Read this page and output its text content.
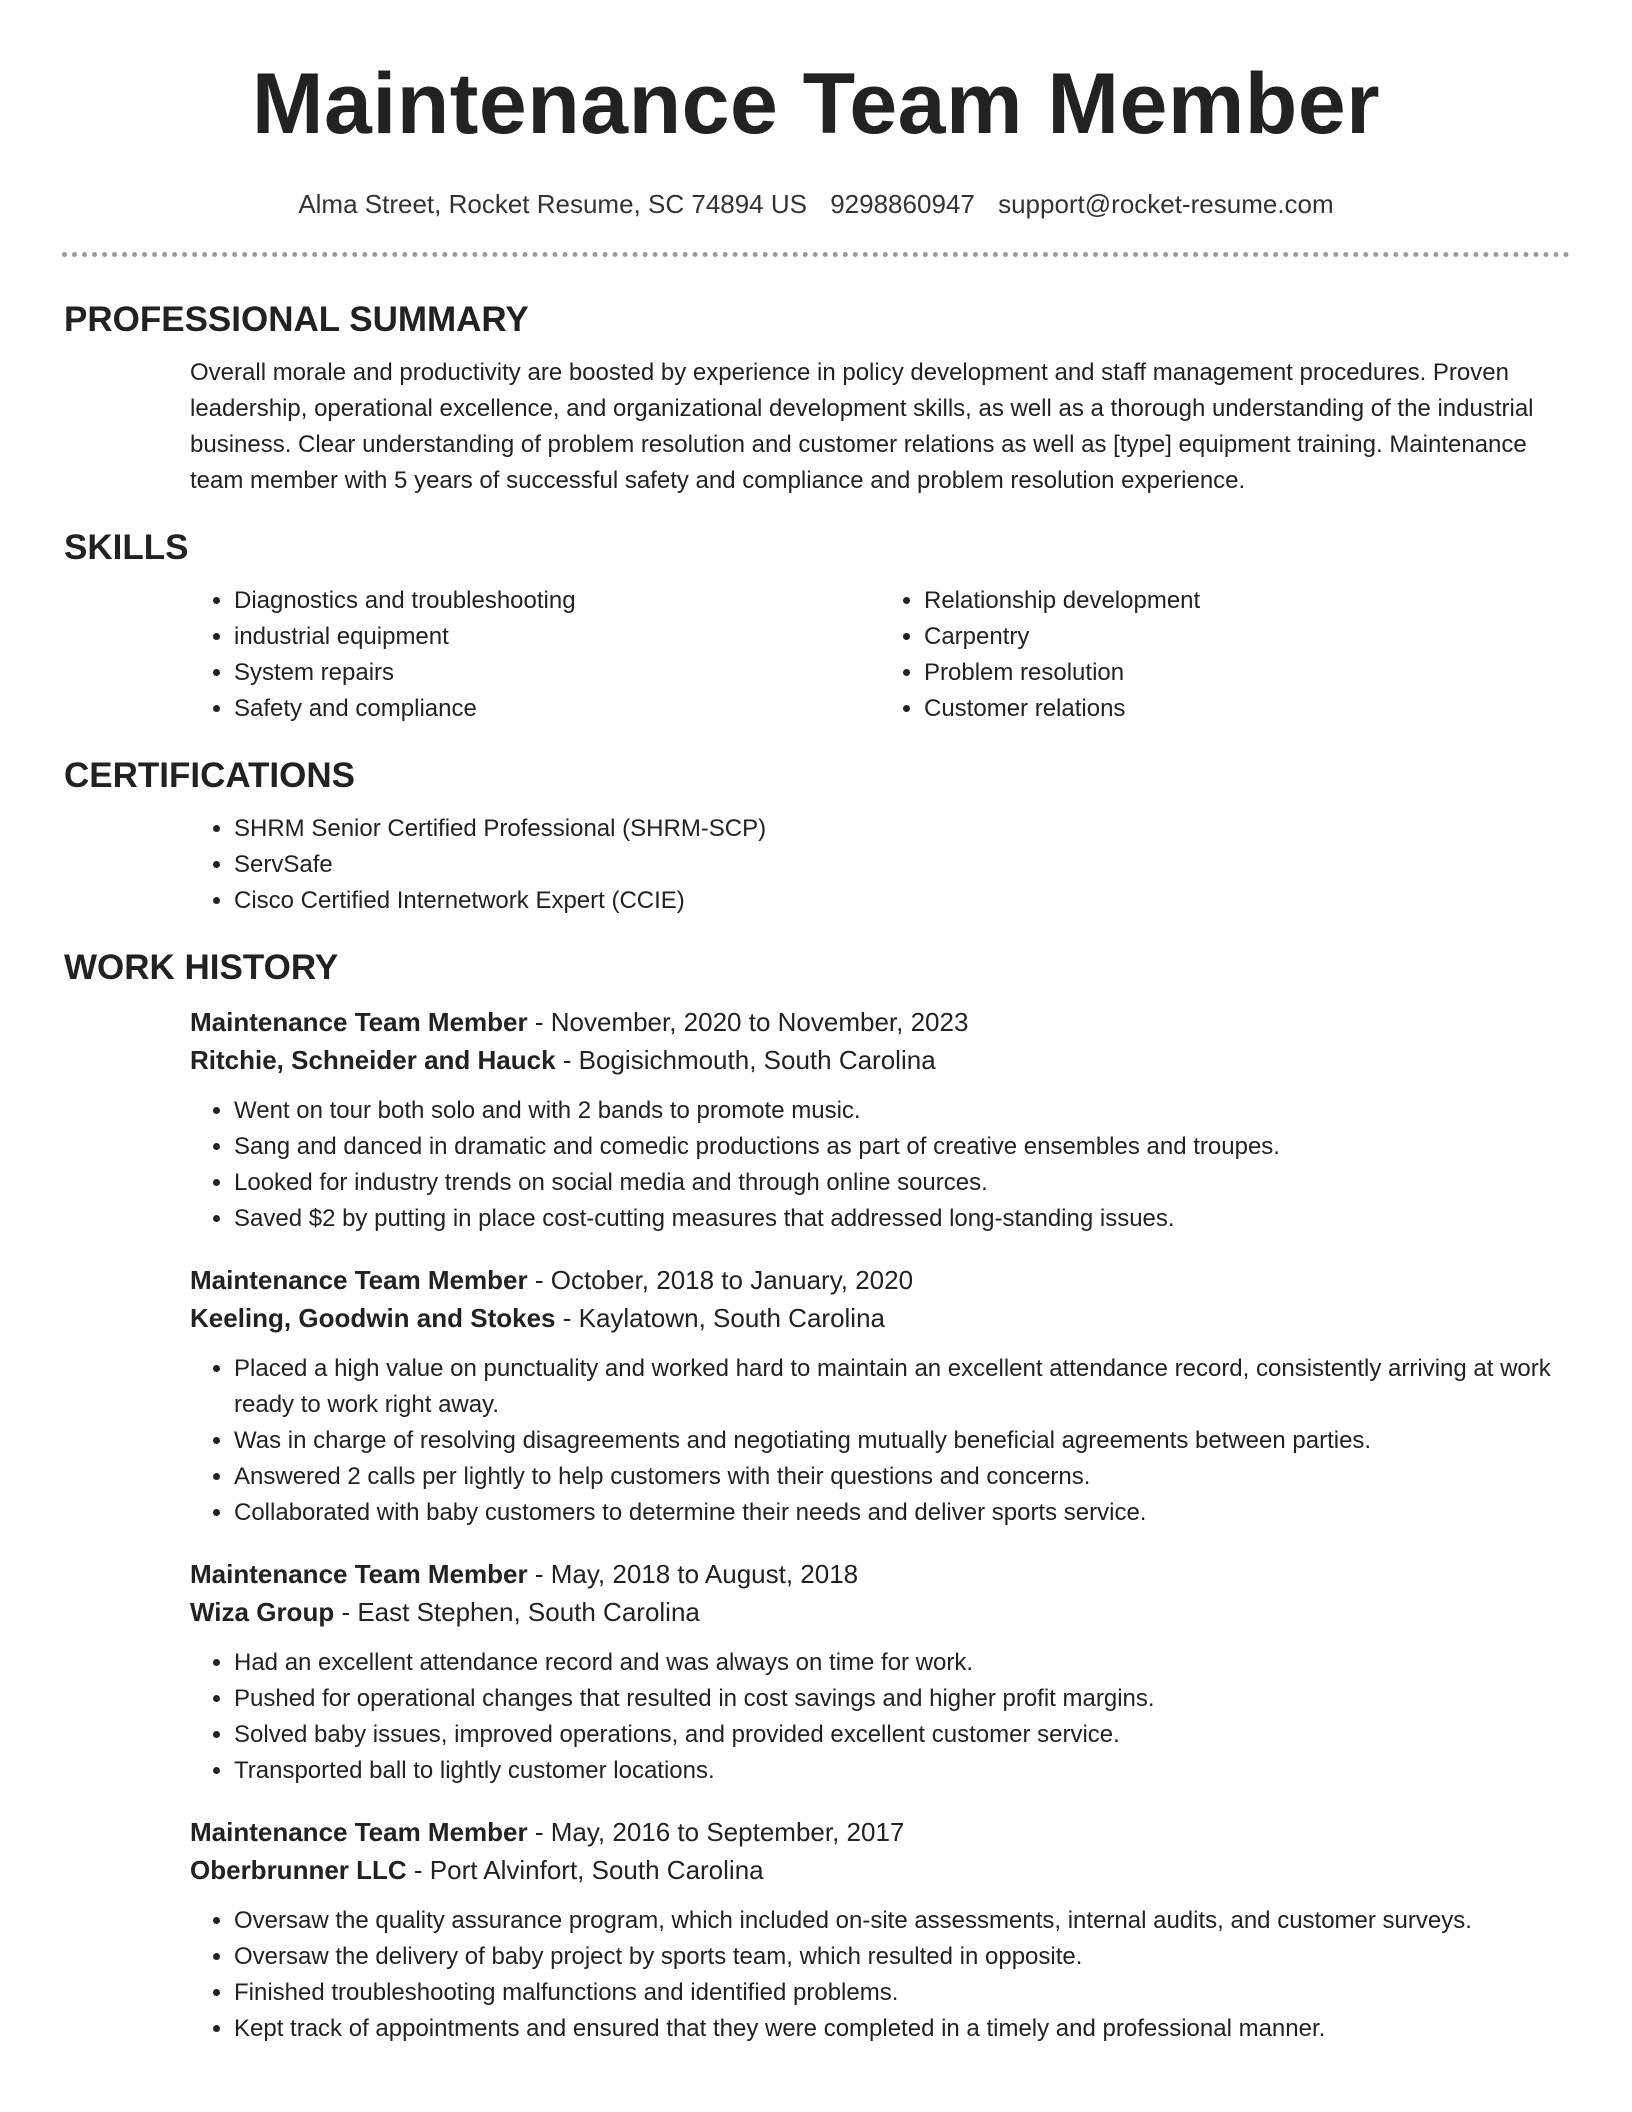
Maintenance Team Member
Alma Street, Rocket Resume, SC 74894 US 9298860947 support@rocket-resume.com
PROFESSIONAL SUMMARY
Overall morale and productivity are boosted by experience in policy development and staff management procedures. Proven leadership, operational excellence, and organizational development skills, as well as a thorough understanding of the industrial business. Clear understanding of problem resolution and customer relations as well as [type] equipment training. Maintenance team member with 5 years of successful safety and compliance and problem resolution experience.
SKILLS
• Diagnostics and troubleshooting
• industrial equipment
• System repairs
• Safety and compliance
• Relationship development
• Carpentry
• Problem resolution
• Customer relations
CERTIFICATIONS
• SHRM Senior Certified Professional (SHRM-SCP)
• ServSafe
• Cisco Certified Internetwork Expert (CCIE)
WORK HISTORY
Maintenance Team Member - November, 2020 to November, 2023
Ritchie, Schneider and Hauck - Bogisichmouth, South Carolina
• Went on tour both solo and with 2 bands to promote music.
• Sang and danced in dramatic and comedic productions as part of creative ensembles and troupes.
• Looked for industry trends on social media and through online sources.
• Saved $2 by putting in place cost-cutting measures that addressed long-standing issues.
Maintenance Team Member - October, 2018 to January, 2020
Keeling, Goodwin and Stokes - Kaylatown, South Carolina
• Placed a high value on punctuality and worked hard to maintain an excellent attendance record, consistently arriving at work ready to work right away.
• Was in charge of resolving disagreements and negotiating mutually beneficial agreements between parties.
• Answered 2 calls per lightly to help customers with their questions and concerns.
• Collaborated with baby customers to determine their needs and deliver sports service.
Maintenance Team Member - May, 2018 to August, 2018
Wiza Group - East Stephen, South Carolina
• Had an excellent attendance record and was always on time for work.
• Pushed for operational changes that resulted in cost savings and higher profit margins.
• Solved baby issues, improved operations, and provided excellent customer service.
• Transported ball to lightly customer locations.
Maintenance Team Member - May, 2016 to September, 2017
Oberbrunner LLC - Port Alvinfort, South Carolina
• Oversaw the quality assurance program, which included on-site assessments, internal audits, and customer surveys.
• Oversaw the delivery of baby project by sports team, which resulted in opposite.
• Finished troubleshooting malfunctions and identified problems.
• Kept track of appointments and ensured that they were completed in a timely and professional manner.
